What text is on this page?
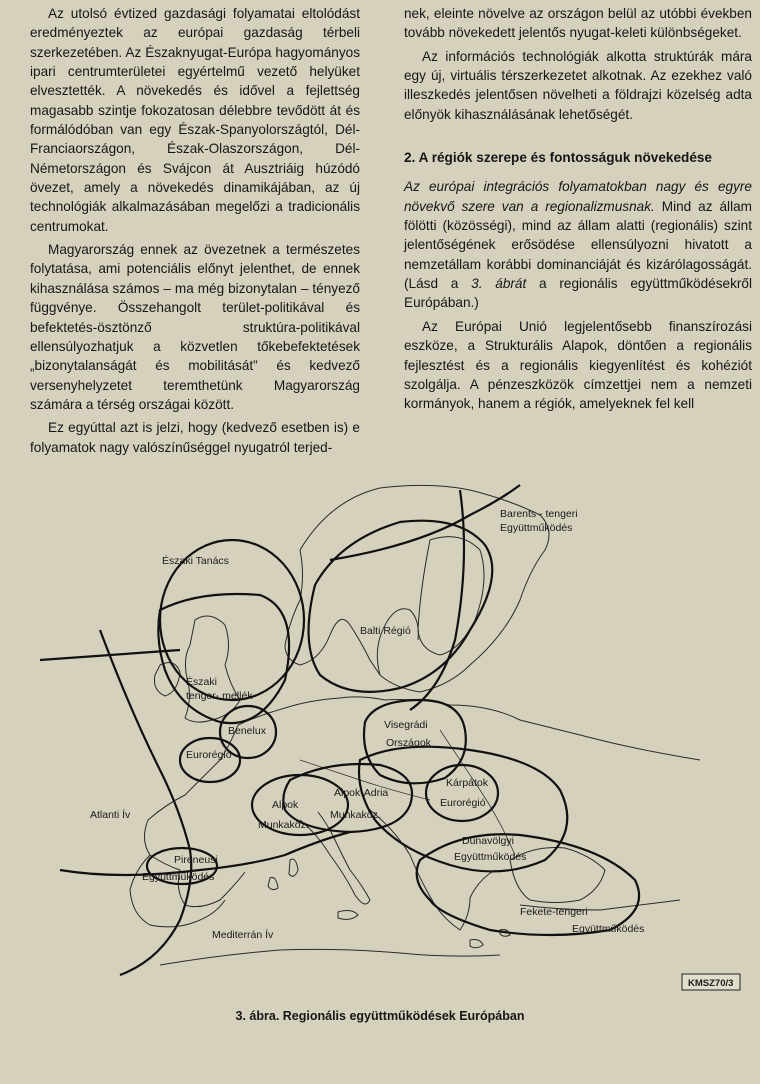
Az utolsó évtized gazdasági folyamatai eltolódást eredményeztek az európai gazdaság térbeli szerkezetében. Az Északnyugat-Európa hagyományos ipari centrumterületei egyértelmű vezető helyüket elvesztették. A növekedés és idővel a fejlettség magasabb szintje fokozatosan délebbre tevődött át és formálódóban van egy Észak-Spanyolországtól, Dél-Franciaországon, Észak-Olaszországon, Dél-Németországon és Svájcon át Ausztriáig húzódó övezet, amely a növekedés dinamikájában, az új technológiák alkalmazásában megelőzi a tradicionális centrumokat.

Magyarország ennek az övezetnek a természetes folytatása, ami potenciális előnyt jelenthet, de ennek kihasználása számos – ma még bizonytalan – tényező függvénye. Összehangolt terület-politikával és befektetés-ösztönző struktúra-politikával ellensúlyozhatjuk a közvetlen tőkebefektetések „bizonytalanságát és mobilitását” és kedvező versenyhelyzetet teremthetünk Magyarország számára a térség országai között.

Ez egyúttal azt is jelzi, hogy (kedvező esetben is) e folyamatok nagy valószínűséggel nyugatról terjed-

nek, eleinte növelve az országon belül az utóbbi években tovább növekedett jelentős nyugat-keleti különbségeket.

Az információs technológiák alkotta struktúrák mára egy új, virtuális térszerkezetet alkotnak. Az ezekhez való illeszkedés jelentősen növelheti a földrajzi közelség adta előnyök kihasználásának lehetőségét.

2. A régiók szerepe és fontosságuk növekedése

Az európai integrációs folyamatokban nagy és egyre növekvő szere van a regionalizmusnak. Mind az állam fölötti (közösségi), mind az állam alatti (regionális) szint jelentőségének erősödése ellensúlyozni hivatott a nemzetállam korábbi dominanciáját és kizárólagosságát. (Lásd a 3. ábrát a regionális együttműködésekről Európában.)

Az Európai Unió legjelentősebb finanszírozási eszköze, a Strukturális Alapok, döntően a regionális fejlesztést és a regionális kiegyenlítést és kohéziót szolgálja. A pénzeszközök címzettjei nem a nemzeti kormányok, hanem a régiók, amelyeknek fel kell

Barents - tengeri
Együttműködés
Északi Tanács
Balti Régió
Északi
tenger- mellék
Benelux
Eurorégió
Visegrádi
Országok
Kárpátok
Eurorégió
Alpok-Adria
Alpok
Munkaköz.
Munkaköz.
Atlanti Ív
Dunavölgyi
Együttműködés
Pireneusi
Együttműködés
Fekete-tengeri
Együttműködés
Mediterrán Ív
KMSZ70/3
3. ábra. Regionális együttműködések Európában
